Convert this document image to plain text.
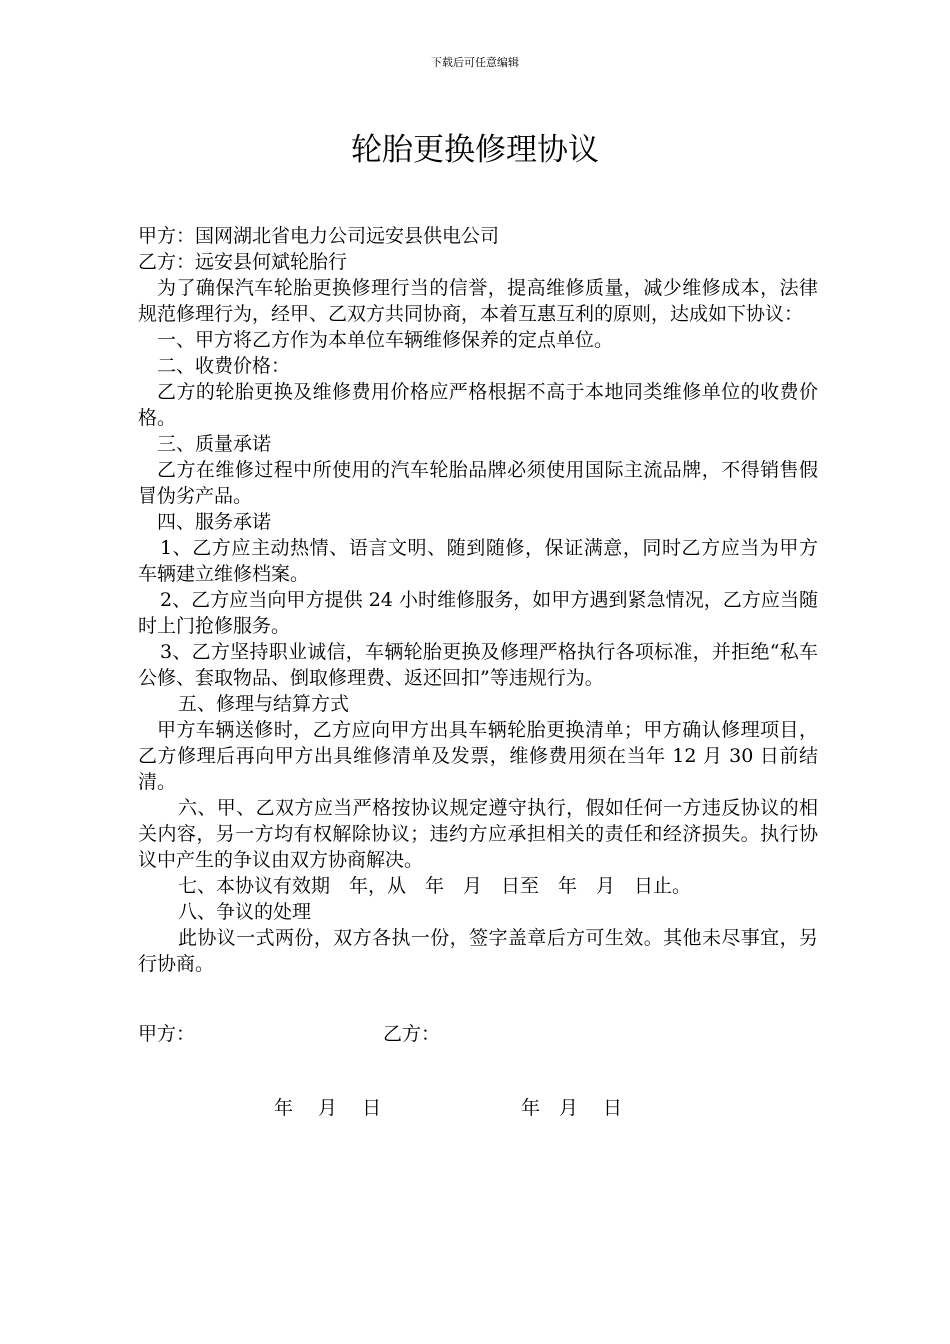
下载后可任意编辑
轮胎更换修理协议

甲方：国网湖北省电力公司远安县供电公司

乙方：远安县何斌轮胎行

为了确保汽车轮胎更换修理行当的信誉，提高维修质量，减少维修成本，法律规范修理行为，经甲、乙双方共同协商，本着互惠互利的原则，达成如下协议：

一、甲方将乙方作为本单位车辆维修保养的定点单位。

二、收费价格：

乙方的轮胎更换及维修费用价格应严格根据不高于本地同类维修单位的收费价格。

三、质量承诺

乙方在维修过程中所使用的汽车轮胎品牌必须使用国际主流品牌，不得销售假冒伪劣产品。

四、服务承诺

1、乙方应主动热情、语言文明、随到随修，保证满意，同时乙方应当为甲方车辆建立维修档案。

2、乙方应当向甲方提供 24 小时维修服务，如甲方遇到紧急情况，乙方应当随时上门抢修服务。

3、乙方坚持职业诚信，车辆轮胎更换及修理严格执行各项标准，并拒绝“私车公修、套取物品、倒取修理费、返还回扣”等违规行为。

五、修理与结算方式

甲方车辆送修时，乙方应向甲方出具车辆轮胎更换清单；甲方确认修理项目，乙方修理后再向甲方出具维修清单及发票，维修费用须在当年 12 月 30 日前结清。

六、甲、乙双方应当严格按协议规定遵守执行，假如任何一方违反协议的相关内容，另一方均有权解除协议；违约方应承担相关的责任和经济损失。执行协议中产生的争议由双方协商解决。

七、本协议有效期　年，从　年　月　日至　年　月　日止。

八、争议的处理

此协议一式两份，双方各执一份，签字盖章后方可生效。其他未尽事宜，另行协商。

甲方：	乙方：

年　 月　 日

	年　月　 日
